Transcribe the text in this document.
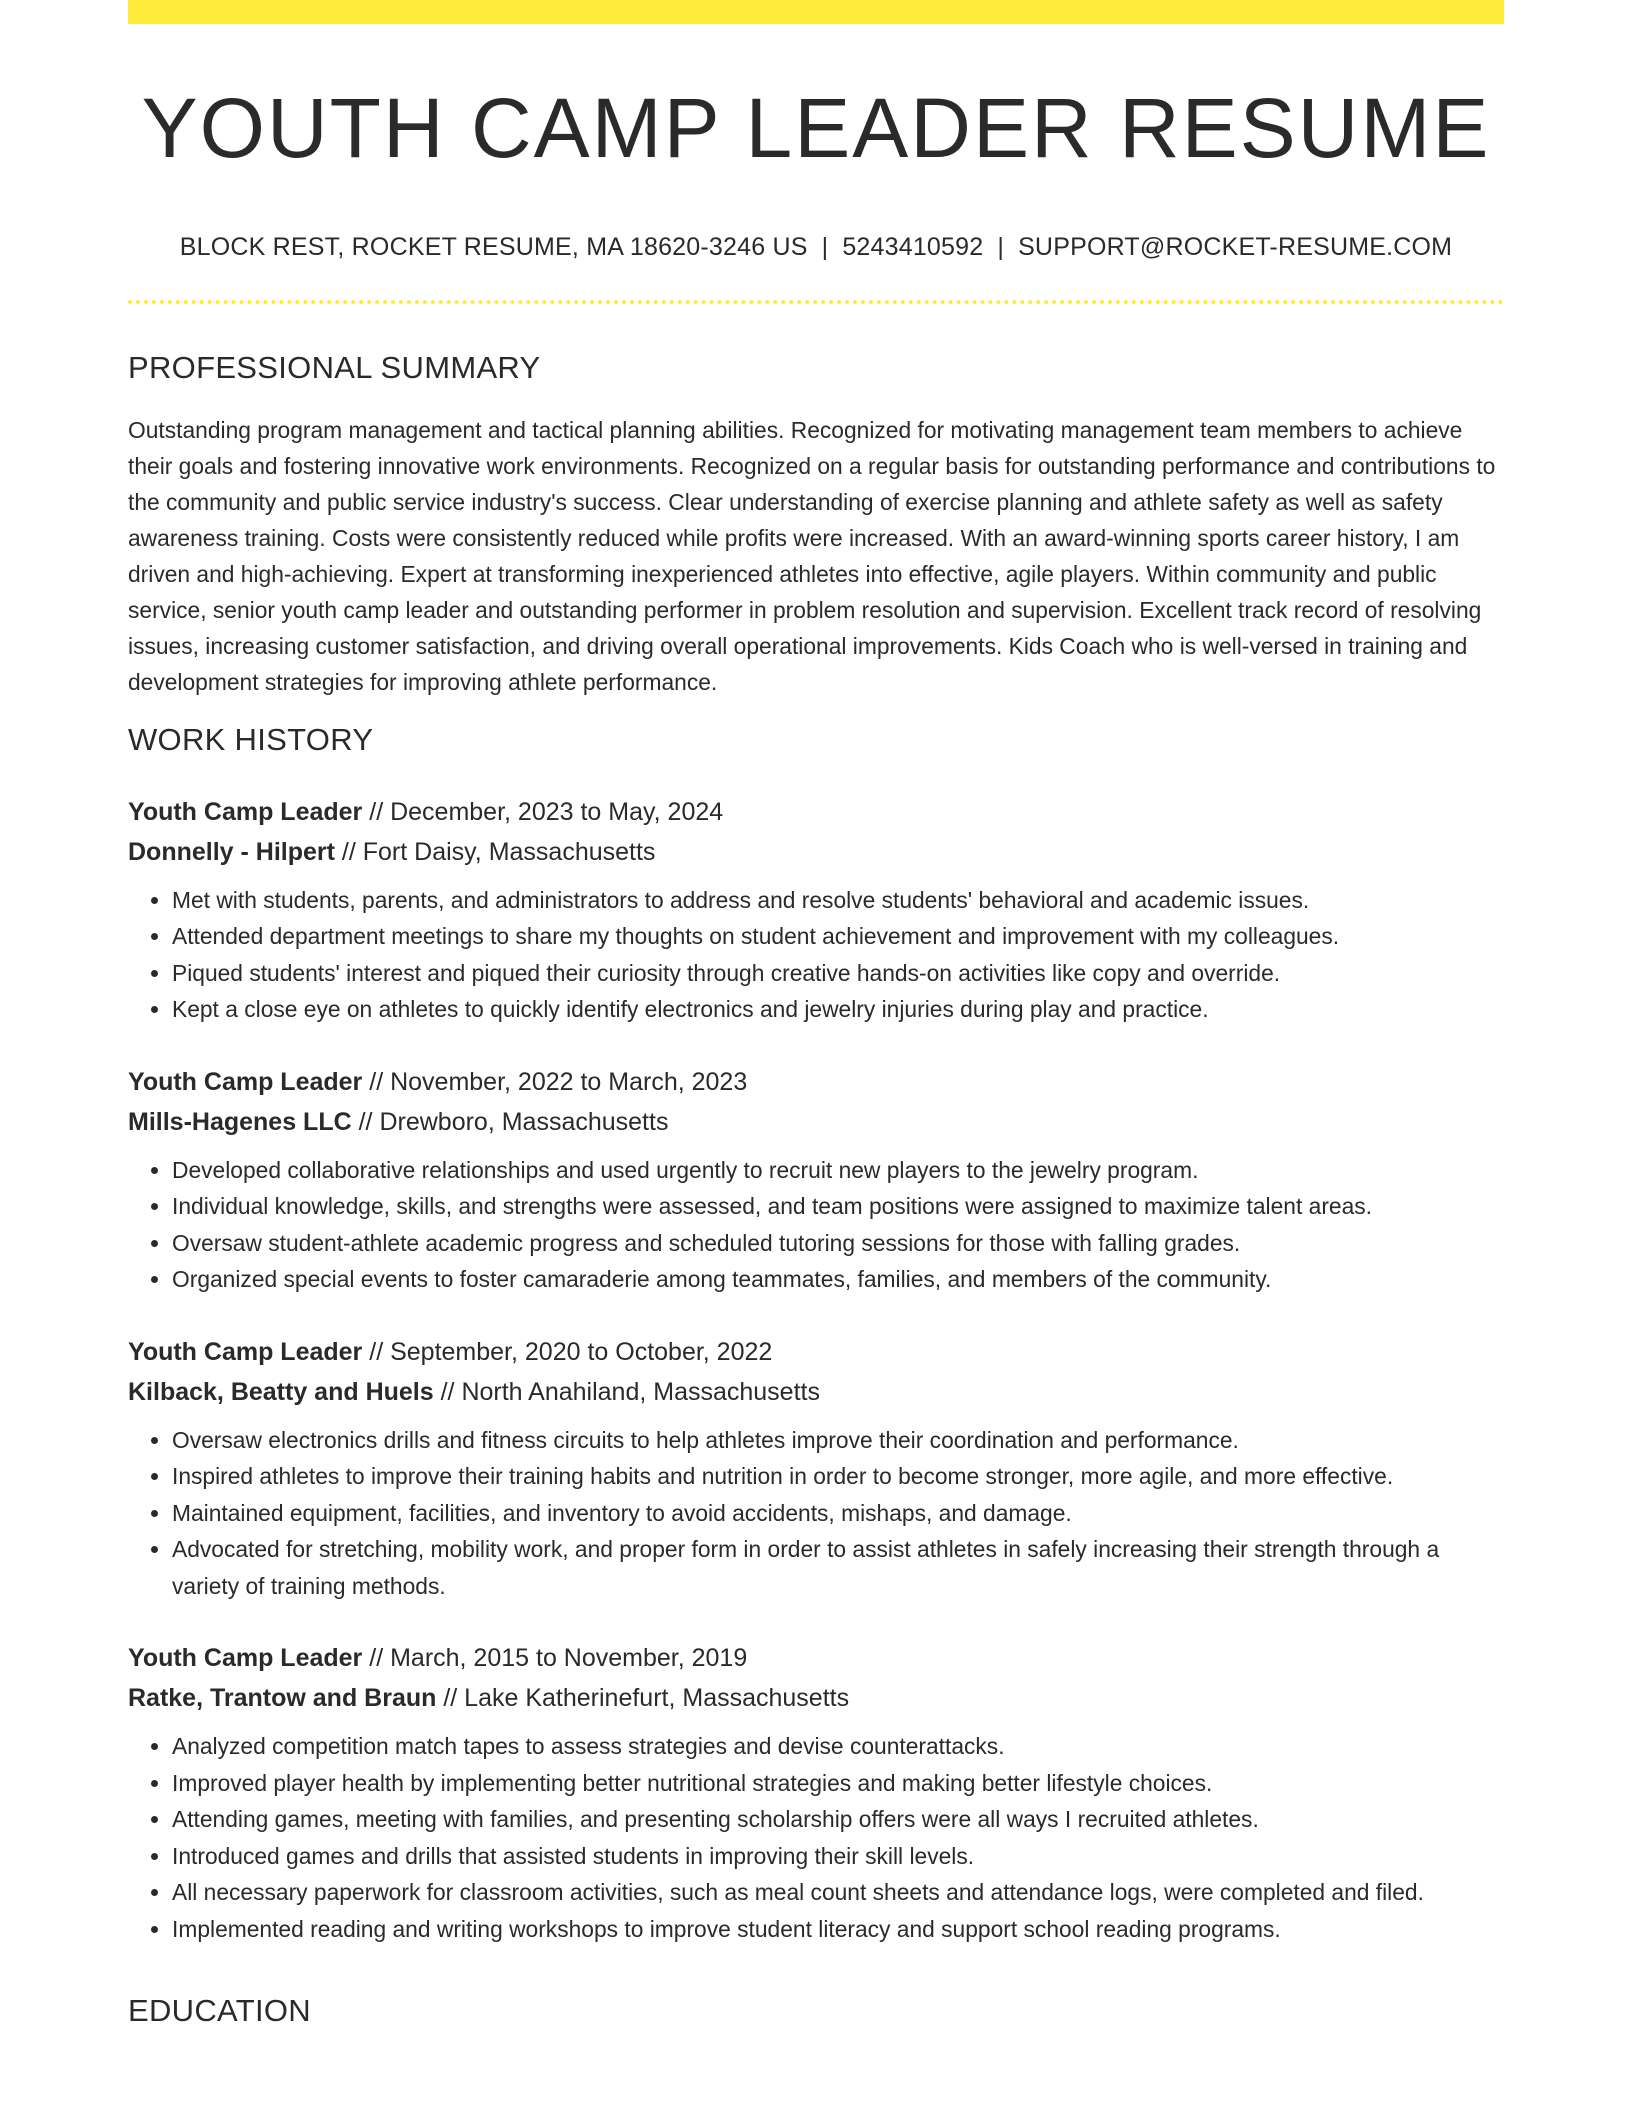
YOUTH CAMP LEADER RESUME
BLOCK REST, ROCKET RESUME, MA 18620-3246 US | 5243410592 | SUPPORT@ROCKET-RESUME.COM
PROFESSIONAL SUMMARY

Outstanding program management and tactical planning abilities. Recognized for motivating management team members to achieve their goals and fostering innovative work environments. Recognized on a regular basis for outstanding performance and contributions to the community and public service industry's success. Clear understanding of exercise planning and athlete safety as well as safety awareness training. Costs were consistently reduced while profits were increased. With an award-winning sports career history, I am driven and high-achieving. Expert at transforming inexperienced athletes into effective, agile players. Within community and public service, senior youth camp leader and outstanding performer in problem resolution and supervision. Excellent track record of resolving issues, increasing customer satisfaction, and driving overall operational improvements. Kids Coach who is well-versed in training and development strategies for improving athlete performance.

WORK HISTORY
Youth Camp Leader // December, 2023 to May, 2024
Donnelly - Hilpert // Fort Daisy, Massachusetts
• Met with students, parents, and administrators to address and resolve students' behavioral and academic issues.
• Attended department meetings to share my thoughts on student achievement and improvement with my colleagues.
• Piqued students' interest and piqued their curiosity through creative hands-on activities like copy and override.
• Kept a close eye on athletes to quickly identify electronics and jewelry injuries during play and practice.
Youth Camp Leader // November, 2022 to March, 2023
Mills-Hagenes LLC // Drewboro, Massachusetts
• Developed collaborative relationships and used urgently to recruit new players to the jewelry program.
• Individual knowledge, skills, and strengths were assessed, and team positions were assigned to maximize talent areas.
• Oversaw student-athlete academic progress and scheduled tutoring sessions for those with falling grades.
• Organized special events to foster camaraderie among teammates, families, and members of the community.
Youth Camp Leader // September, 2020 to October, 2022
Kilback, Beatty and Huels // North Anahiland, Massachusetts
• Oversaw electronics drills and fitness circuits to help athletes improve their coordination and performance.
• Inspired athletes to improve their training habits and nutrition in order to become stronger, more agile, and more effective.
• Maintained equipment, facilities, and inventory to avoid accidents, mishaps, and damage.
• Advocated for stretching, mobility work, and proper form in order to assist athletes in safely increasing their strength through a variety of training methods.
Youth Camp Leader // March, 2015 to November, 2019
Ratke, Trantow and Braun // Lake Katherinefurt, Massachusetts
• Analyzed competition match tapes to assess strategies and devise counterattacks.
• Improved player health by implementing better nutritional strategies and making better lifestyle choices.
• Attending games, meeting with families, and presenting scholarship offers were all ways I recruited athletes.
• Introduced games and drills that assisted students in improving their skill levels.
• All necessary paperwork for classroom activities, such as meal count sheets and attendance logs, were completed and filed.
• Implemented reading and writing workshops to improve student literacy and support school reading programs.
EDUCATION
